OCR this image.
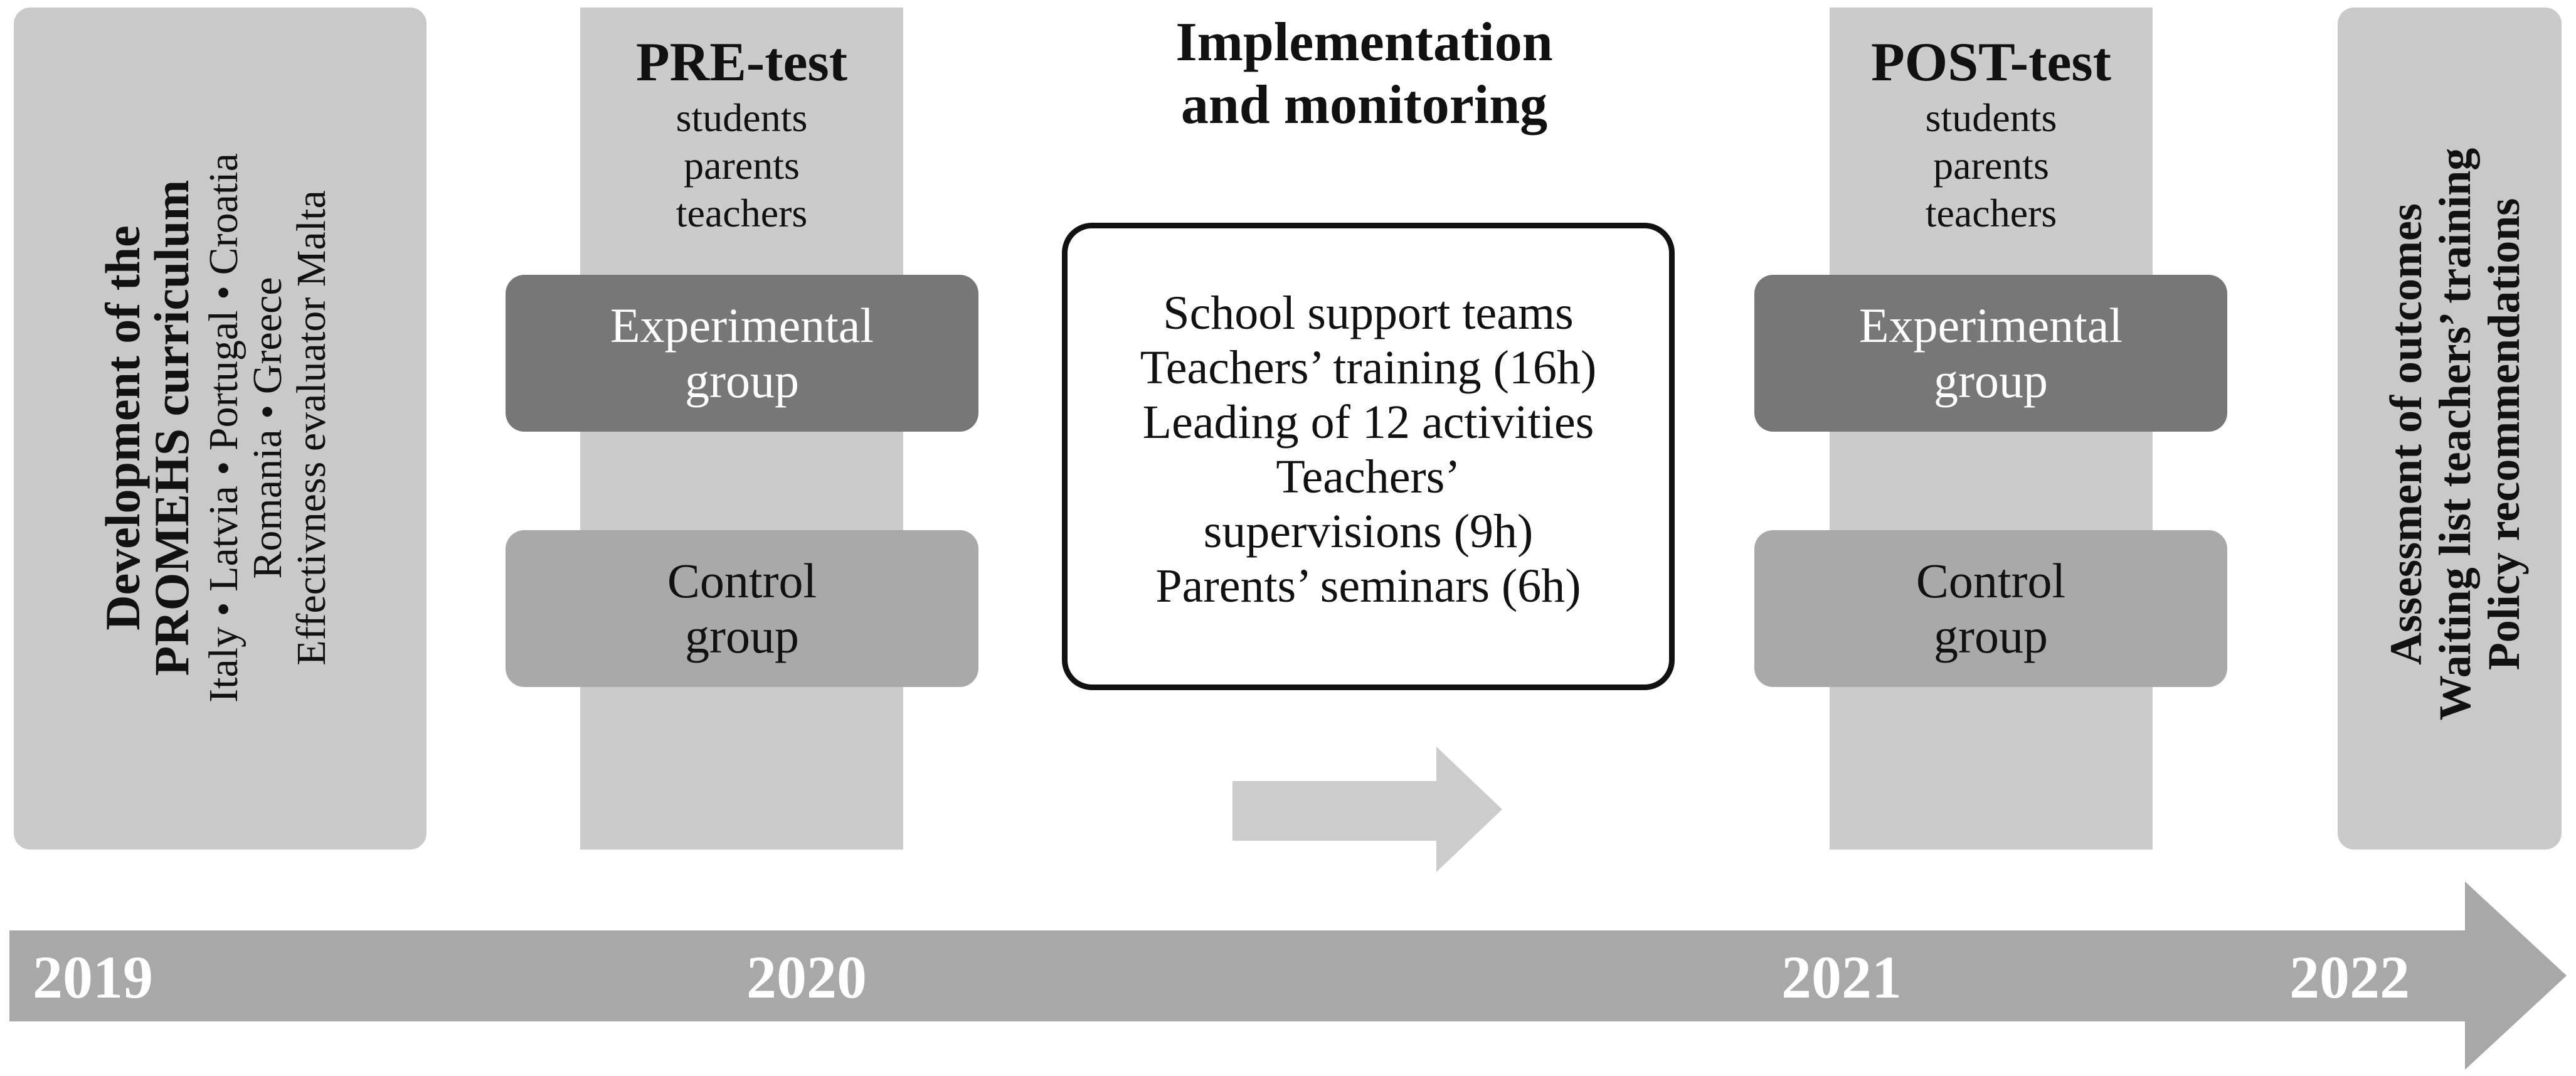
Development of the
PROMEHS curriculum Italy • Latvia • Portugal • Croatia
Romania • Greece
Effectivness evaluator Malta
PRE-test
students
parents
teachers
Experimental
group
Control
group
Implementation
and monitoring
School support teams
Teachers’ training (16h)
Leading of 12 activities
Teachers’
supervisions (9h)
Parents’ seminars (6h)
POST-test
students
parents
teachers
Experimental
group
Control
group	Assessment of outcomes
Waiting list teachers’ training
Policy recommendations
2019	2020	2021	2022
